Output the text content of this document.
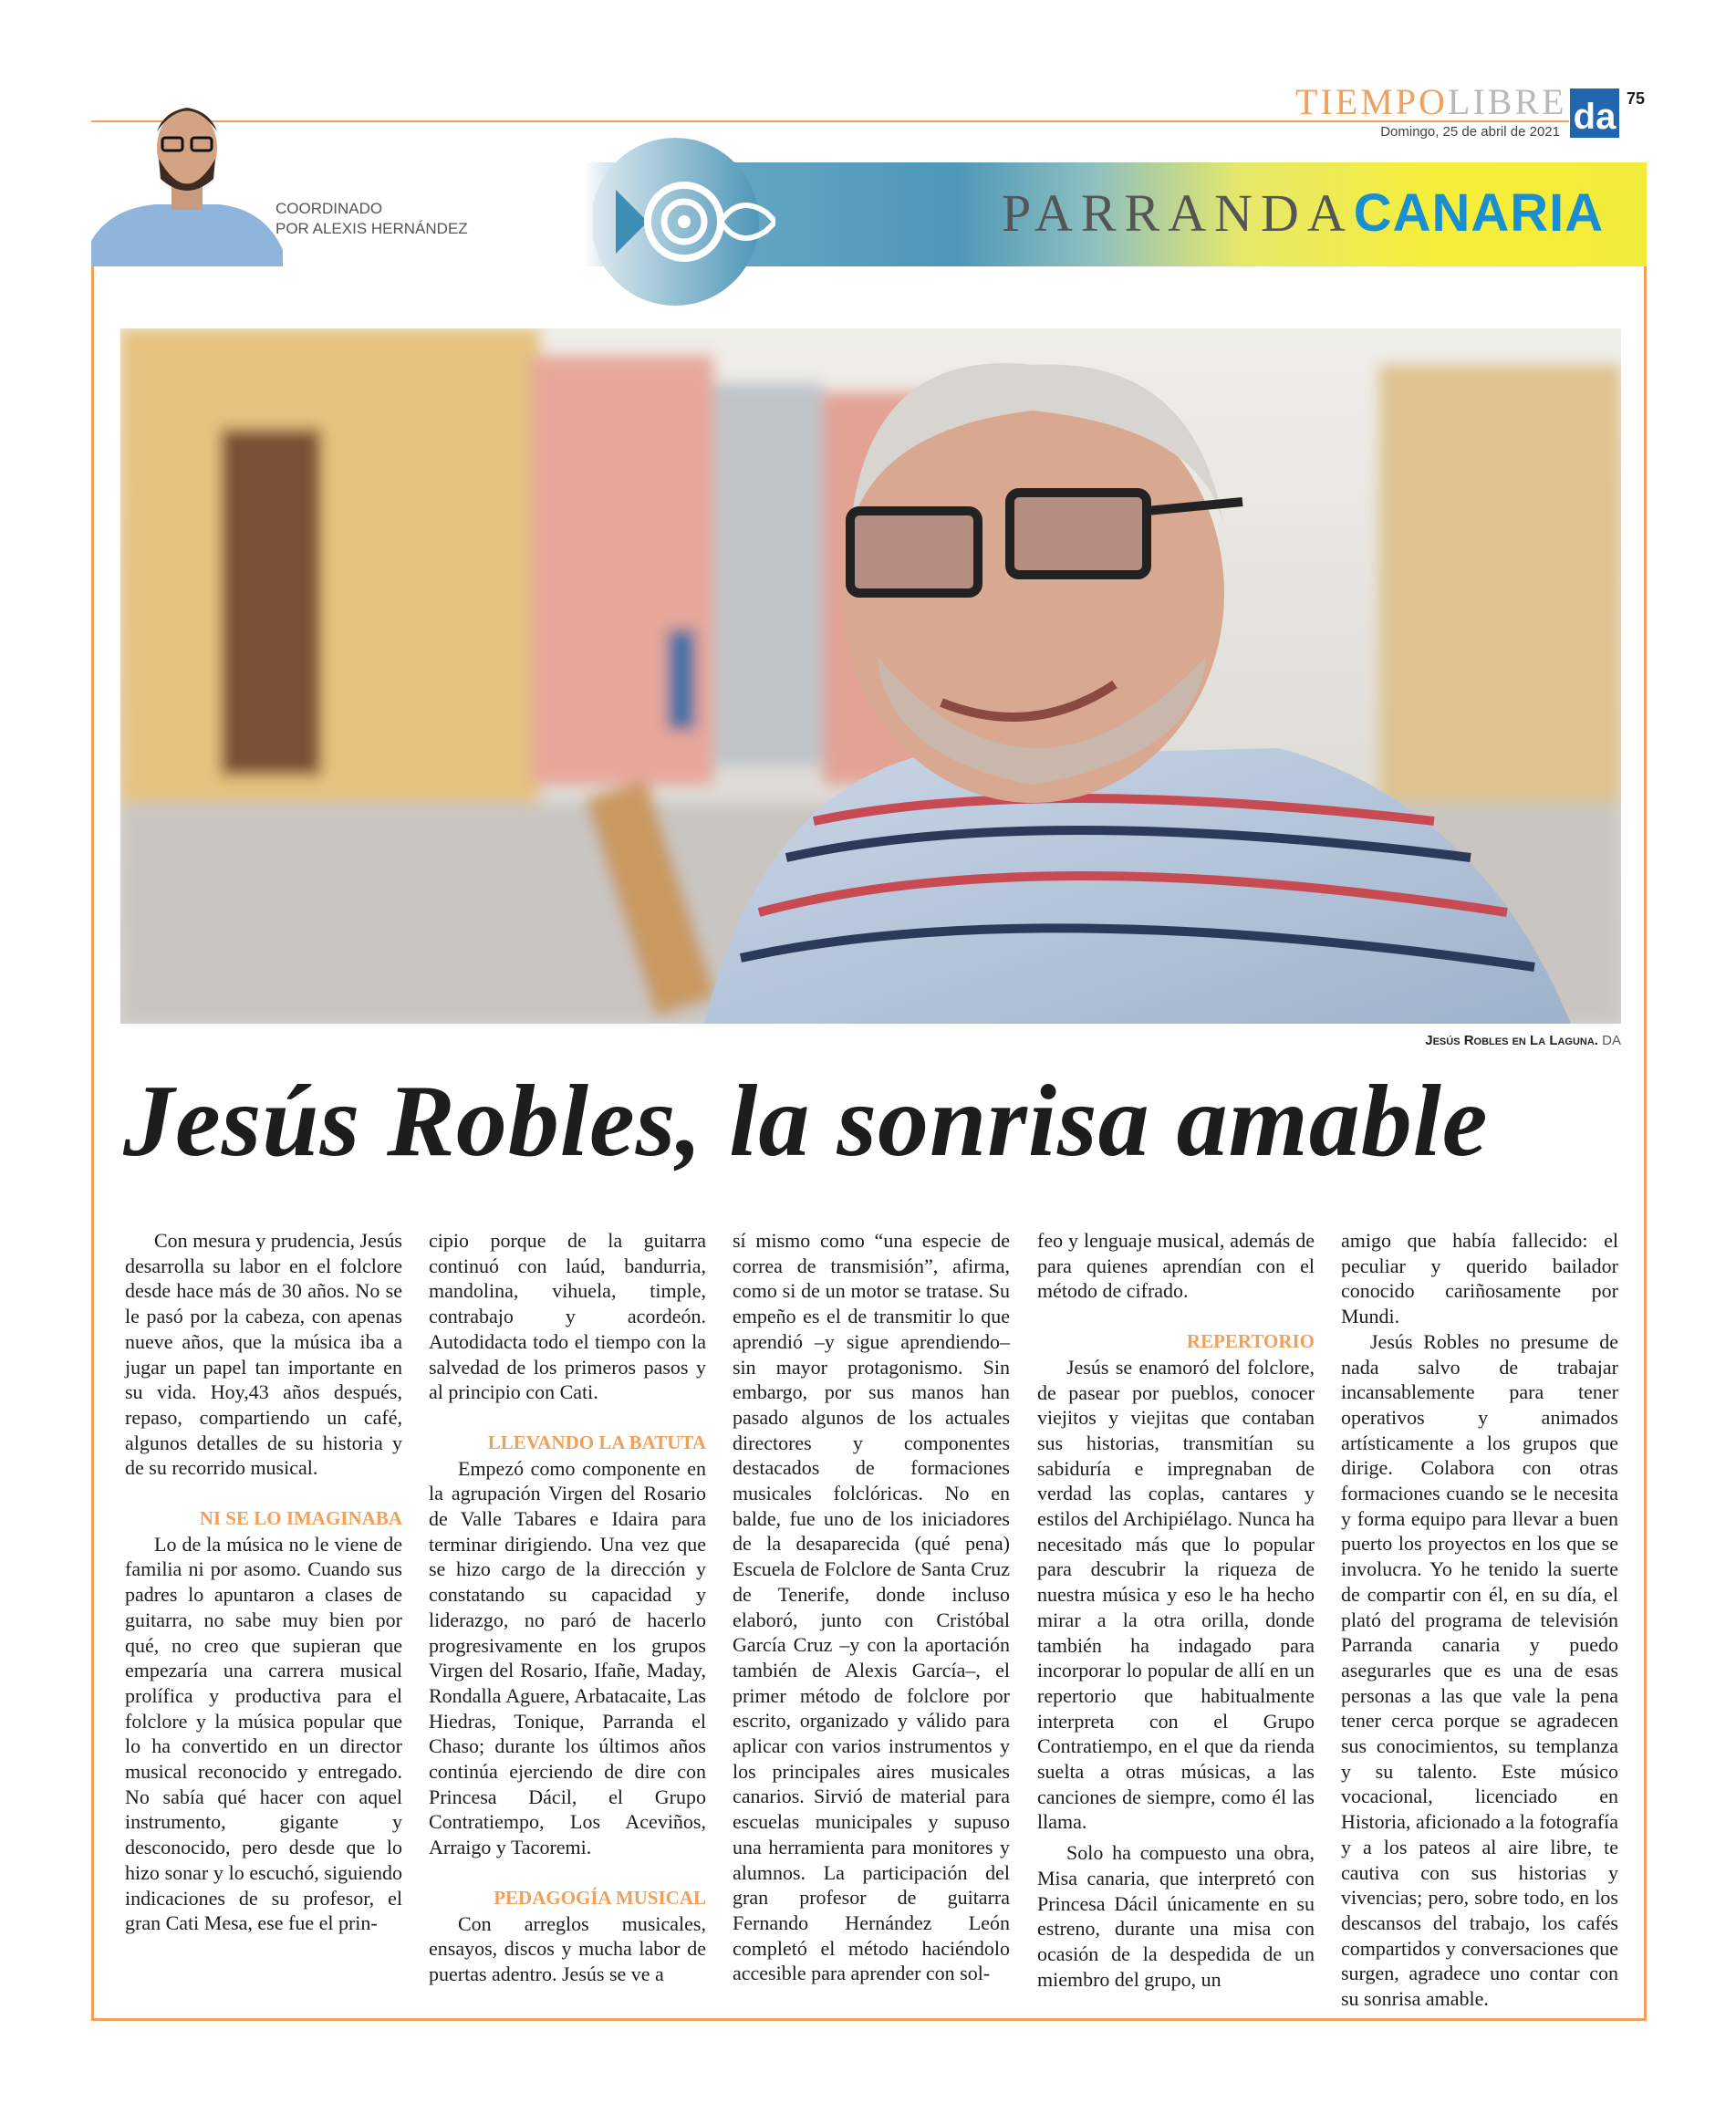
TIEMPOLIBRE
Domingo, 25 de abril de 2021 da 75
COORDINADO
POR ALEXIS HERNÁNDEZ	PARRANDACANARIA
Jesús Robles en La Laguna. DA
Jesús Robles, la sonrisa amable

Con mesura y prudencia, Jesús desarrolla su labor en el folclore desde hace más de 30 años. No se le pasó por la cabeza, con apenas nueve años, que la música iba a jugar un papel tan importante en su vida. Hoy,43 años después, repaso, compartiendo un café, algunos detalles de su historia y de su recorrido musical.

NI SE LO IMAGINABA

Lo de la música no le viene de familia ni por asomo. Cuando sus padres lo apuntaron a clases de guitarra, no sabe muy bien por qué, no creo que supieran que empezaría una carrera musical prolífica y productiva para el folclore y la música popular que lo ha convertido en un director musical reconocido y entregado. No sabía qué hacer con aquel instrumento, gigante y desconocido, pero desde que lo hizo sonar y lo escuchó, siguiendo indicaciones de su profesor, el gran Cati Mesa, ese fue el prin-

cipio porque de la guitarra continuó con laúd, bandurria, mandolina, vihuela, timple, contrabajo y acordeón. Autodidacta todo el tiempo con la salvedad de los primeros pasos y al principio con Cati.

LLEVANDO LA BATUTA

Empezó como componente en la agrupación Virgen del Rosario de Valle Tabares e Idaira para terminar dirigiendo. Una vez que se hizo cargo de la dirección y constatando su capacidad y liderazgo, no paró de hacerlo progresivamente en los grupos Virgen del Rosario, Ifañe, Maday, Rondalla Aguere, Arbatacaite, Las Hiedras, Tonique, Parranda el Chaso; durante los últimos años continúa ejerciendo de dire con Princesa Dácil, el Grupo Contratiempo, Los Aceviños, Arraigo y Tacoremi.

PEDAGOGÍA MUSICAL

Con arreglos musicales, ensayos, discos y mucha labor de puertas adentro. Jesús se ve a

sí mismo como “una especie de correa de transmisión”, afirma, como si de un motor se tratase. Su empeño es el de transmitir lo que aprendió –y sigue aprendiendo– sin mayor protagonismo. Sin embargo, por sus manos han pasado algunos de los actuales directores y componentes destacados de formaciones musicales folclóricas. No en balde, fue uno de los iniciadores de la desaparecida (qué pena) Escuela de Folclore de Santa Cruz de Tenerife, donde incluso elaboró, junto con Cristóbal García Cruz –y con la aportación también de Alexis García–, el primer método de folclore por escrito, organizado y válido para aplicar con varios instrumentos y los principales aires musicales canarios. Sirvió de material para escuelas municipales y supuso una herramienta para monitores y alumnos. La participación del gran profesor de guitarra Fernando Hernández León completó el método haciéndolo accesible para aprender con sol-

feo y lenguaje musical, además de para quienes aprendían con el método de cifrado.

REPERTORIO

Jesús se enamoró del folclore, de pasear por pueblos, conocer viejitos y viejitas que contaban sus historias, transmitían su sabiduría e impregnaban de verdad las coplas, cantares y estilos del Archipiélago. Nunca ha necesitado más que lo popular para descubrir la riqueza de nuestra música y eso le ha hecho mirar a la otra orilla, donde también ha indagado para incorporar lo popular de allí en un repertorio que habitualmente interpreta con el Grupo Contratiempo, en el que da rienda suelta a otras músicas, a las canciones de siempre, como él las llama.

Solo ha compuesto una obra, Misa canaria, que interpretó con Princesa Dácil únicamente en su estreno, durante una misa con ocasión de la despedida de un miembro del grupo, un

amigo que había fallecido: el peculiar y querido bailador conocido cariñosamente por Mundi.

Jesús Robles no presume de nada salvo de trabajar incansablemente para tener operativos y animados artísticamente a los grupos que dirige. Colabora con otras formaciones cuando se le necesita y forma equipo para llevar a buen puerto los proyectos en los que se involucra. Yo he tenido la suerte de compartir con él, en su día, el plató del programa de televisión Parranda canaria y puedo asegurarles que es una de esas personas a las que vale la pena tener cerca porque se agradecen sus conocimientos, su templanza y su talento. Este músico vocacional, licenciado en Historia, aficionado a la fotografía y a los pateos al aire libre, te cautiva con sus historias y vivencias; pero, sobre todo, en los descansos del trabajo, los cafés compartidos y conversaciones que surgen, agradece uno contar con su sonrisa amable.
